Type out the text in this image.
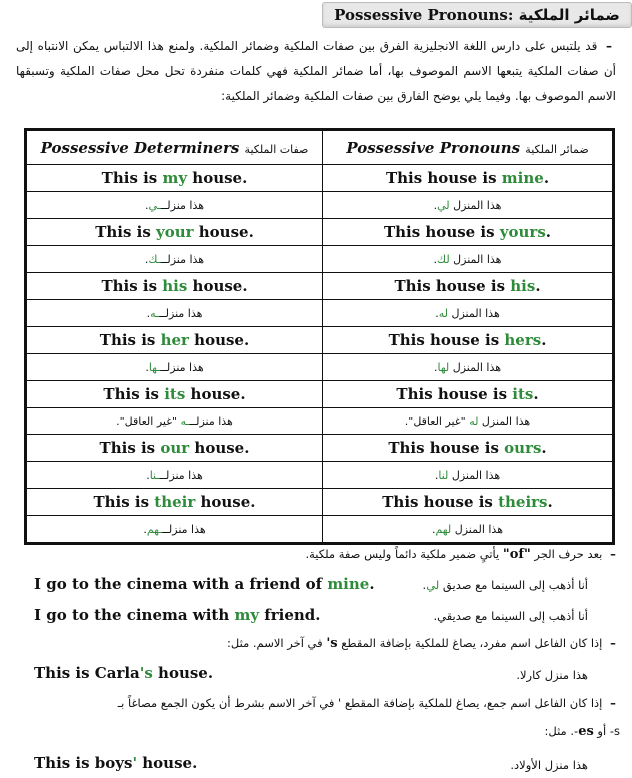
ضمائر الملكية

Possessive Pronouns:
– قد يلتبس على دارس اللغة الانجليزية الفرق بين صفات الملكية وضمائر الملكية. ولمنع هذا الالتباس يمكن الانتباه إلى أن صفات الملكية يتبعها الاسم الموصوف بها، أما ضمائر الملكية فهي كلمات منفردة تحل محل صفات الملكية وتسبقها الاسم الموصوف بها. وفيما يلي يوضح الفارق بين صفات الملكية وضمائر الملكية:
Possessive Determiners صفات الملكية	Possessive Pronouns ضمائر الملكية
This is my house.	This house is mine.
هذا منزلـــي.	هذا المنزل لي.
This is your house.	This house is yours.
هذا منزلـــك.	هذا المنزل لك.
This is his house.	This house is his.
هذا منزلـــه.	هذا المنزل له.
This is her house.	This house is hers.
هذا منزلـــها.	هذا المنزل لها.
This is its house.	This house is its.
هذا منزلـــه "غير العاقل".	هذا المنزل له "غير العاقل".
This is our house.	This house is ours.
هذا منزلـــنا.	هذا المنزل لنا.
This is their house.	This house is theirs.
هذا منزلـــهم.	هذا المنزل لهم.
– بعد حرف الجر "of" يأتيِ ضمير ملكية دائماً وليس صفة ملكية.
I go to the cinema with a friend of mine.	أنا أذهب إلى السينما مع صديق لي.
I go to the cinema with my friend.	أنا أذهب إلى السينما مع صديقي.
– إذا كان الفاعل اسم مفرد، يصاغ للملكية بإضافة المقطع 's في آخر الاسم. مثل:
This is Carla's house.	هذا منزل كارلا.
– إذا كان الفاعل اسم جمع، يصاغ للملكية بإضافة المقطع ' في آخر الاسم بشرط أن يكون الجمع مصاغاً بـ
s- أو es-. مثل:
This is boys' house.	هذا منزل الأولاد.
